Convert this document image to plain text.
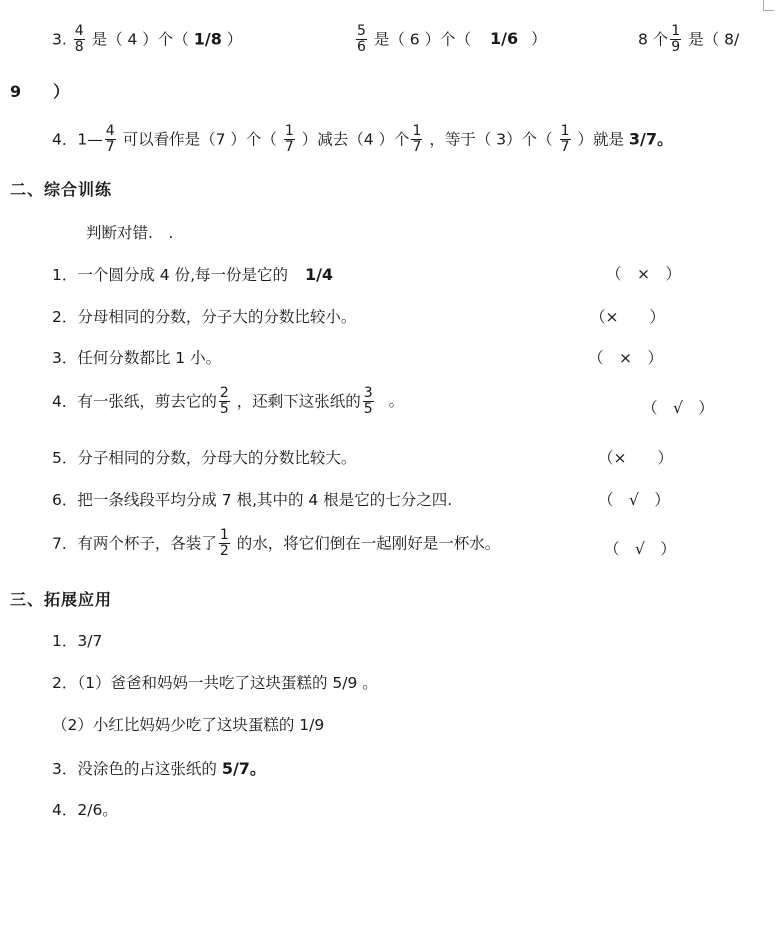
3. $\frac{4}{8}$ 是（ 4 ）个（ 1/8 ）	$\frac{5}{6}$ 是（ 6 ）个（ 1/6 ）	8 个 $\frac{1}{9}$ 是（ 8/
9　　）
4．1— $\frac{4}{7}$ 可以看作是（7 ）个（ $\frac{1}{7}$ ）减去（4 ）个 $\frac{1}{7}$ ，等于（ 3）个（ $\frac{1}{7}$ ）就是 3/7。
二、综合训练
判断对错.　.
1．一个圆分成 4 份,每一份是它的 1/4	（　×　）
2．分母相同的分数，分子大的分数比较小。	（×　　）
3．任何分数都比 1 小。	（　×　）
4．有一张纸，剪去它的 $\frac{2}{5}$ ，还剩下这张纸的 $\frac{3}{5}$ 。	（　√　）
5．分子相同的分数，分母大的分数比较大。	（×　　）
6．把一条线段平均分成 7 根,其中的 4 根是它的七分之四.	（　√　）
7．有两个杯子，各装了 $\frac{1}{2}$ 的水，将它们倒在一起刚好是一杯水。	（　√　）
三、拓展应用
1．3/7
2．（1）爸爸和妈妈一共吃了这块蛋糕的 5/9 。
（2）小红比妈妈少吃了这块蛋糕的 1/9
3．没涂色的占这张纸的 5/7。
4．2/6。
